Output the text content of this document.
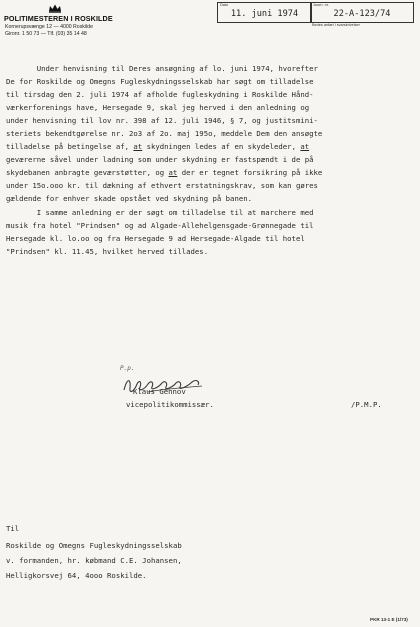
POLITIMESTEREN I ROSKILDE
Kornerupsvænge 12 — 4000 Roskilde
Gironr. 1 50 73 — Tlf. (03) 35 14 48
Dato
11. juni 1974
Journ. nr.
22-A-123/74
Bedes anført i svarskrivelser
Under henvisning til Deres ansøgning af lo. juni 1974, hvorefter
De for Roskilde og Omegns Fugleskydningsselskab har søgt om tilladelse
til tirsdag den 2. juli 1974 af afholde fugleskydning i Roskilde Hånd-
værkerforenings have, Hersegade 9, skal jeg herved i den anledning og
under henvisning til lov nr. 398 af 12. juli 1946, § 7, og justitsmini-
steriets bekendtgørelse nr. 2o3 af 2o. maj 195o, meddele Dem den ansøgte
tilladelse på betingelse af, at skydningen ledes af en skydeleder, at
geværerne såvel under ladning som under skydning er fastspændt i de på
skydebanen anbragte geværstøtter, og at der er tegnet forsikring på ikke
under 15o.ooo kr. til dækning af ethvert erstatningskrav, som kan gøres
gældende for enhver skade opstået ved skydning på banen.
I samme anledning er der søgt om tilladelse til at marchere med
musik fra hotel "Prindsen" og ad Algade-Allehelgensgade-Grønnegade til
Hersegade kl. lo.oo og fra Hersegade 9 ad Hersegade-Algade til hotel
"Prindsen" kl. 11.45, hvilket herved tillades.
P.p.
Klaus Gennov
vicepolitikommissær.	/P.M.P.
Til
Roskilde og Omegns Fugleskydningsselskab
v. formanden, hr. købmand C.E. Johansen,
Helligkorsvej 64, 4ooo Roskilde.
PKR 13-1 E (1/73)
